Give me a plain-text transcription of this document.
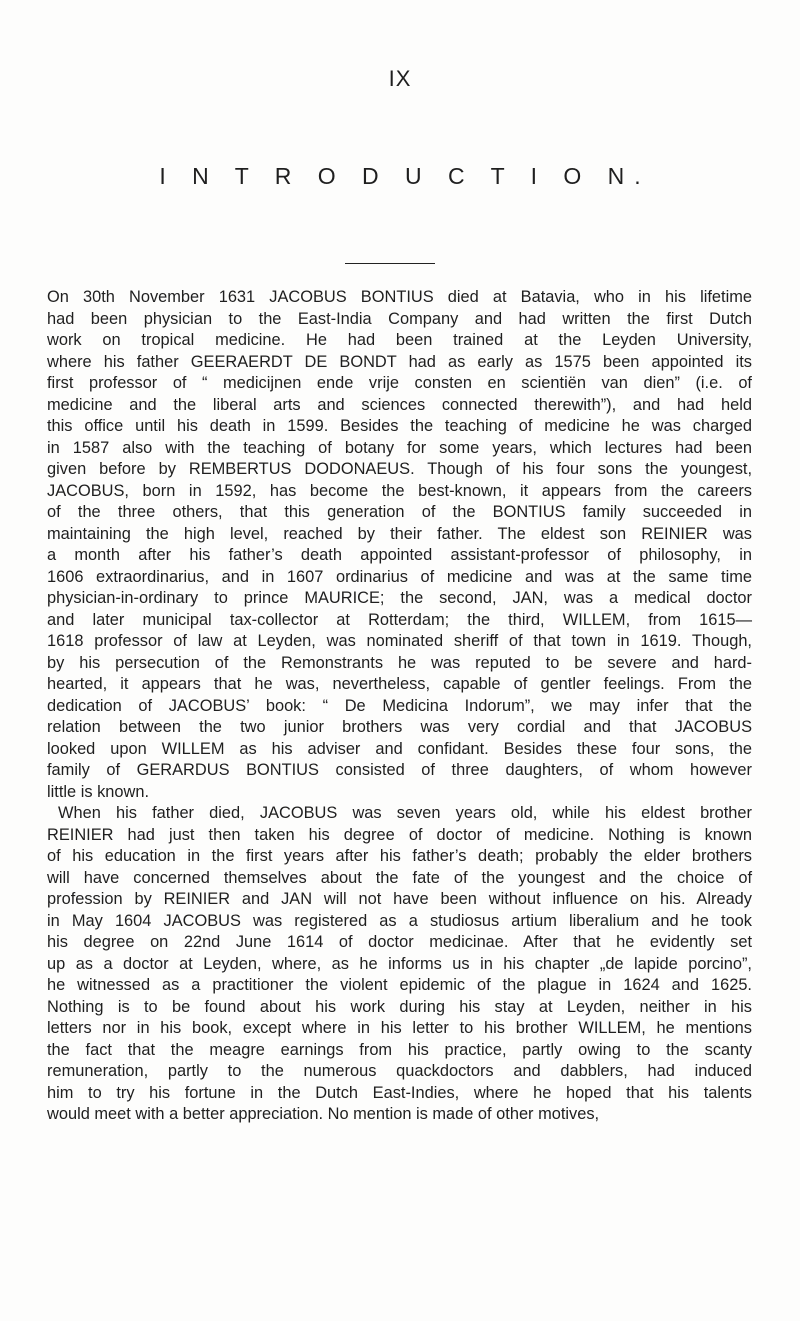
IX
I N T R O D U C T I O N.
On 30th November 1631 JACOBUS BONTIUS died at Batavia, who in his lifetime
had been physician to the East-India Company and had written the first Dutch
work on tropical medicine. He had been trained at the Leyden University,
where his father GEERAERDT DE BONDT had as early as 1575 been appointed its
first professor of “ medicijnen ende vrije consten en scientiën van dien” (i.e. of
medicine and the liberal arts and sciences connected therewith”), and had held
this office until his death in 1599. Besides the teaching of medicine he was charged
in 1587 also with the teaching of botany for some years, which lectures had been
given before by REMBERTUS DODONAEUS. Though of his four sons the youngest,
JACOBUS, born in 1592, has become the best-known, it appears from the careers
of the three others, that this generation of the BONTIUS family succeeded in
maintaining the high level, reached by their father. The eldest son REINIER was
a month after his father’s death appointed assistant-professor of philosophy, in
1606 extraordinarius, and in 1607 ordinarius of medicine and was at the same time
physician-in-ordinary to prince MAURICE; the second, JAN, was a medical doctor
and later municipal tax-collector at Rotterdam; the third, WILLEM, from 1615—
1618 professor of law at Leyden, was nominated sheriff of that town in 1619. Though,
by his persecution of the Remonstrants he was reputed to be severe and hard-
hearted, it appears that he was, nevertheless, capable of gentler feelings. From the
dedication of JACOBUS’ book: “ De Medicina Indorum”, we may infer that the
relation between the two junior brothers was very cordial and that JACOBUS
looked upon WILLEM as his adviser and confidant. Besides these four sons, the
family of GERARDUS BONTIUS consisted of three daughters, of whom however
little is known.
When his father died, JACOBUS was seven years old, while his eldest brother
REINIER had just then taken his degree of doctor of medicine. Nothing is known
of his education in the first years after his father’s death; probably the elder brothers
will have concerned themselves about the fate of the youngest and the choice of
profession by REINIER and JAN will not have been without influence on his. Already
in May 1604 JACOBUS was registered as a studiosus artium liberalium and he took
his degree on 22nd June 1614 of doctor medicinae. After that he evidently set
up as a doctor at Leyden, where, as he informs us in his chapter „de lapide porcino”,
he witnessed as a practitioner the violent epidemic of the plague in 1624 and 1625.
Nothing is to be found about his work during his stay at Leyden, neither in his
letters nor in his book, except where in his letter to his brother WILLEM, he mentions
the fact that the meagre earnings from his practice, partly owing to the scanty
remuneration, partly to the numerous quackdoctors and dabblers, had induced
him to try his fortune in the Dutch East-Indies, where he hoped that his talents
would meet with a better appreciation. No mention is made of other motives,
